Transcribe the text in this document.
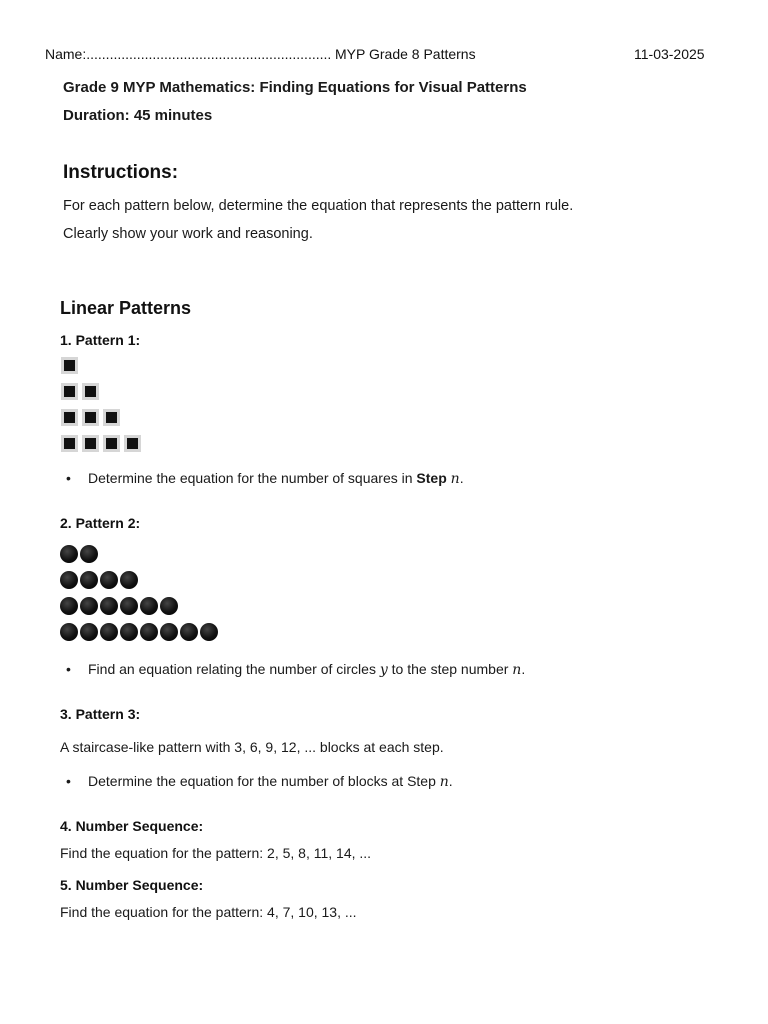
Name:............................................................... MYP Grade 8 Patterns	11-03-2025
Grade 9 MYP Mathematics: Finding Equations for Visual Patterns
Duration: 45 minutes
Instructions:
For each pattern below, determine the equation that represents the pattern rule.
Clearly show your work and reasoning.
Linear Patterns
1. Pattern 1:
• Determine the equation for the number of squares in Step n.
2. Pattern 2:
• Find an equation relating the number of circles y to the step number n.
3. Pattern 3:
A staircase-like pattern with 3, 6, 9, 12, ... blocks at each step.
• Determine the equation for the number of blocks at Step n.
4. Number Sequence:
Find the equation for the pattern: 2, 5, 8, 11, 14, ...
5. Number Sequence:
Find the equation for the pattern: 4, 7, 10, 13, ...
